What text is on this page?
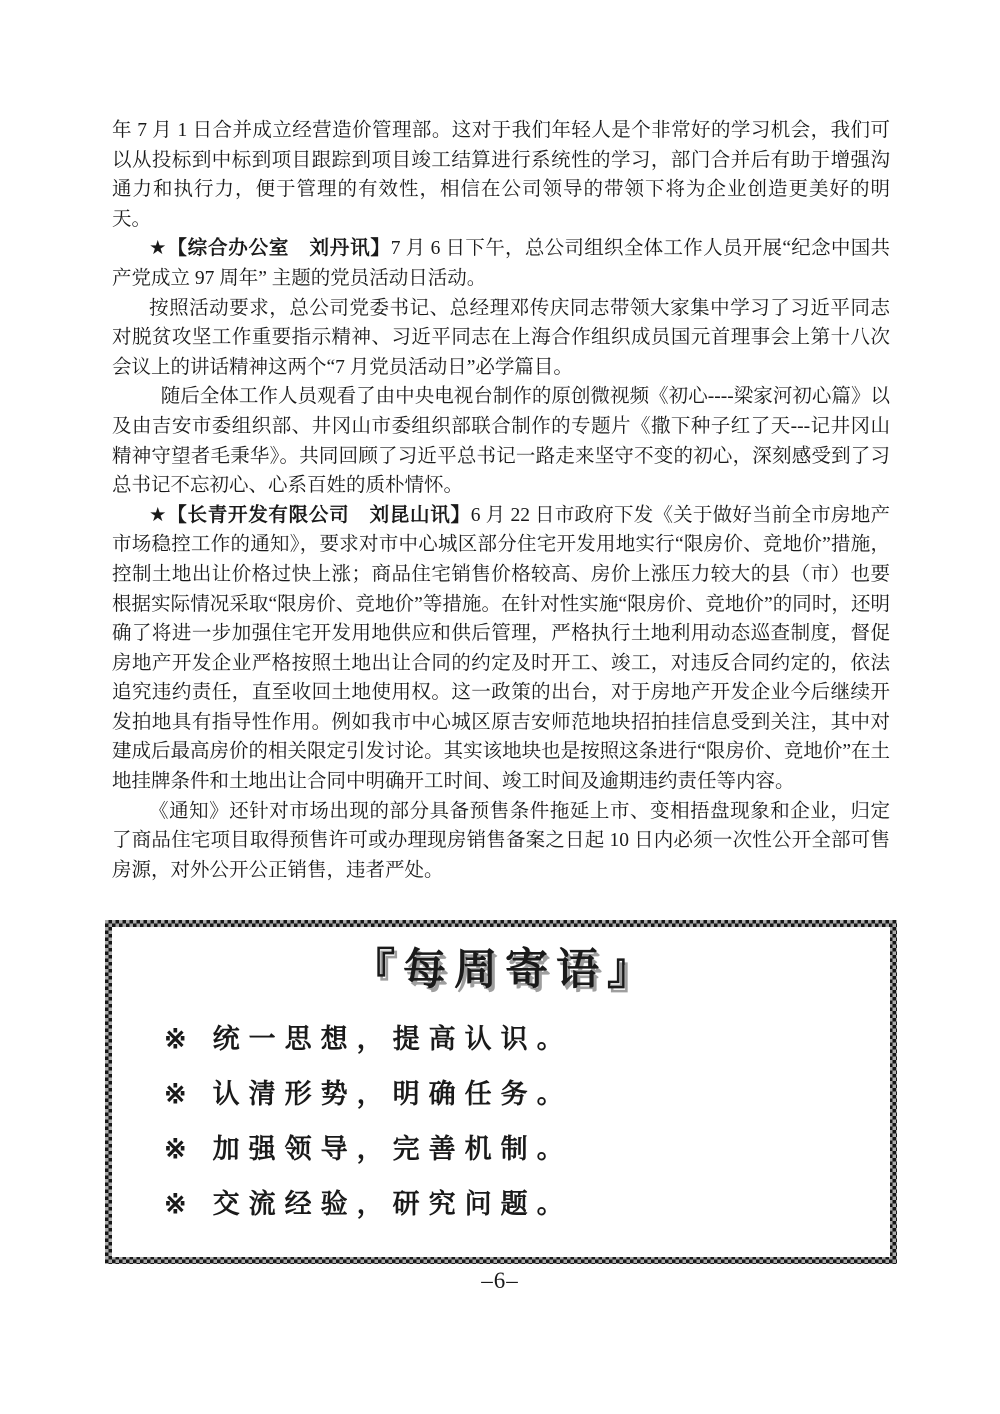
年 7 月 1 日合并成立经营造价管理部。这对于我们年轻人是个非常好的学习机会，我们可以从投标到中标到项目跟踪到项目竣工结算进行系统性的学习，部门合并后有助于增强沟通力和执行力，便于管理的有效性，相信在公司领导的带领下将为企业创造更美好的明天。

★【综合办公室　刘丹讯】7 月 6 日下午，总公司组织全体工作人员开展“纪念中国共产党成立 97 周年” 主题的党员活动日活动。

按照活动要求，总公司党委书记、总经理邓传庆同志带领大家集中学习了习近平同志对脱贫攻坚工作重要指示精神、习近平同志在上海合作组织成员国元首理事会上第十八次会议上的讲话精神这两个“7 月党员活动日”必学篇目。

随后全体工作人员观看了由中央电视台制作的原创微视频《初心----梁家河初心篇》以及由吉安市委组织部、井冈山市委组织部联合制作的专题片《撒下种子红了天---记井冈山精神守望者毛秉华》。共同回顾了习近平总书记一路走来坚守不变的初心，深刻感受到了习总书记不忘初心、心系百姓的质朴情怀。

★【长青开发有限公司　刘昆山讯】6 月 22 日市政府下发《关于做好当前全市房地产市场稳控工作的通知》，要求对市中心城区部分住宅开发用地实行“限房价、竞地价”措施，控制土地出让价格过快上涨；商品住宅销售价格较高、房价上涨压力较大的县（市）也要根据实际情况采取“限房价、竞地价”等措施。在针对性实施“限房价、竞地价”的同时，还明确了将进一步加强住宅开发用地供应和供后管理，严格执行土地利用动态巡查制度，督促房地产开发企业严格按照土地出让合同的约定及时开工、竣工，对违反合同约定的，依法追究违约责任，直至收回土地使用权。这一政策的出台，对于房地产开发企业今后继续开发拍地具有指导性作用。例如我市中心城区原吉安师范地块招拍挂信息受到关注，其中对建成后最高房价的相关限定引发讨论。其实该地块也是按照这条进行“限房价、竞地价”在土地挂牌条件和土地出让合同中明确开工时间、竣工时间及逾期违约责任等内容。

《通知》还针对市场出现的部分具备预售条件拖延上市、变相捂盘现象和企业，归定了商品住宅项目取得预售许可或办理现房销售备案之日起 10 日内必须一次性公开全部可售房源，对外公开公正销售，违者严处。

『每周寄语』
※ 统一思想，提高认识。
※ 认清形势，明确任务。
※ 加强领导，完善机制。
※ 交流经验，研究问题。
–6–
